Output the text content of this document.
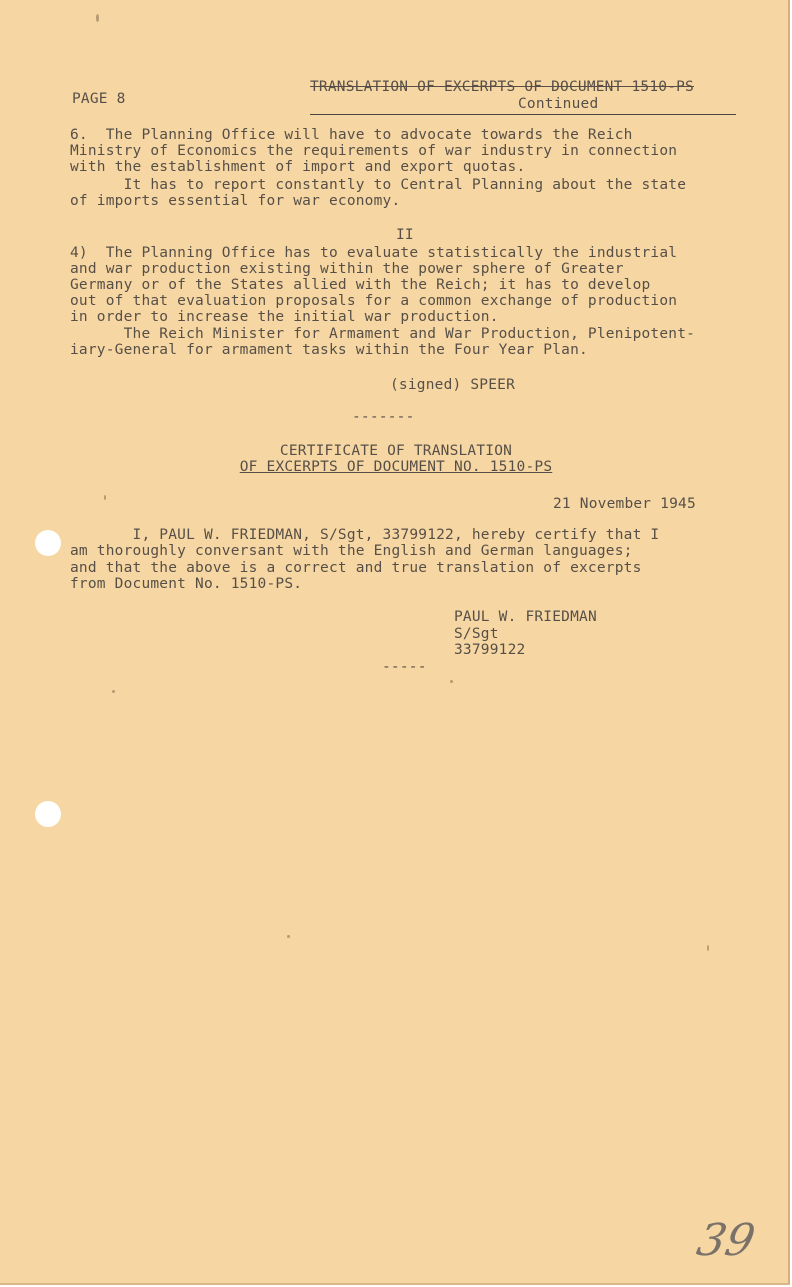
PAGE 8
TRANSLATION OF EXCERPTS OF DOCUMENT 1510-PS
Continued
6.  The Planning Office will have to advocate towards the Reich
Ministry of Economics the requirements of war industry in connection
with the establishment of import and export quotas.
It has to report constantly to Central Planning about the state
of imports essential for war economy.
II
4)  The Planning Office has to evaluate statistically the industrial
and war production existing within the power sphere of Greater
Germany or of the States allied with the Reich; it has to develop
out of that evaluation proposals for a common exchange of production
in order to increase the initial war production.
The Reich Minister for Armament and War Production, Plenipotent-
iary-General for armament tasks within the Four Year Plan.
(signed) SPEER
-------
CERTIFICATE OF TRANSLATION
OF EXCERPTS OF DOCUMENT NO. 1510-PS
21 November 1945
I, PAUL W. FRIEDMAN, S/Sgt, 33799122, hereby certify that I
am thoroughly conversant with the English and German languages;
and that the above is a correct and true translation of excerpts
from Document No. 1510-PS.
PAUL W. FRIEDMAN
S/Sgt
33799122
-----
39
